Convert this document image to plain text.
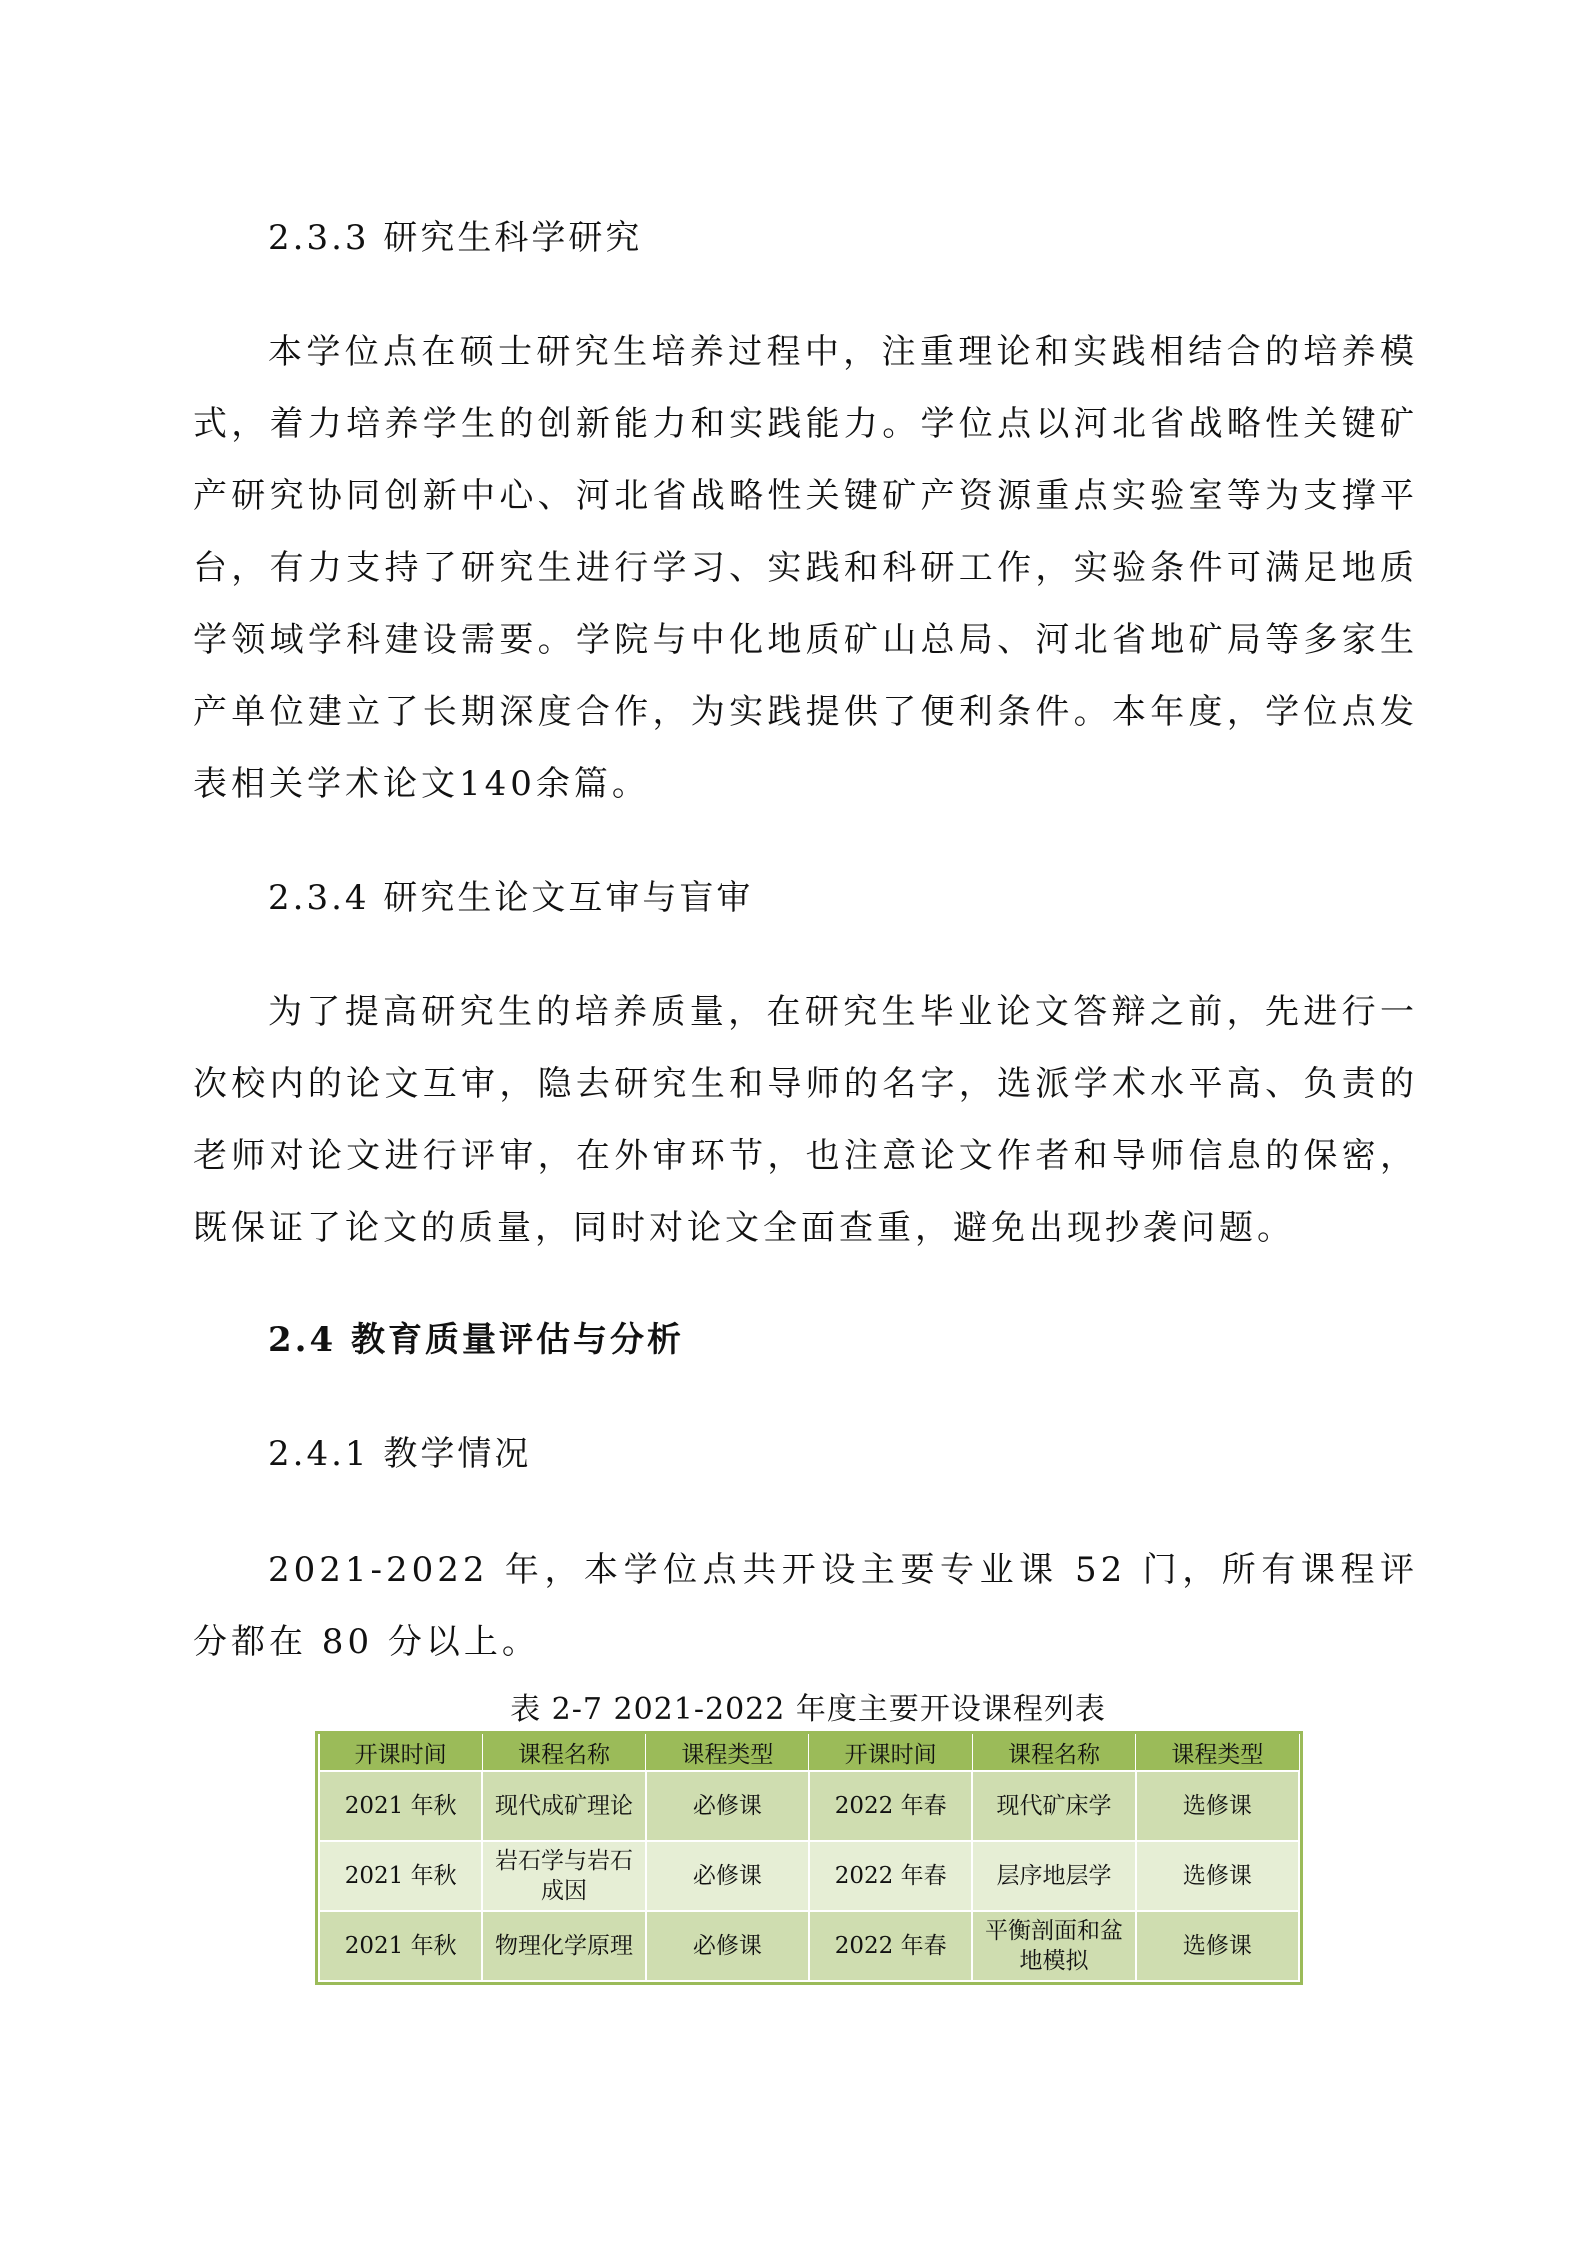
2.3.3 研究生科学研究

本学位点在硕士研究生培养过程中，注重理论和实践相结合的培养模式，着力培养学生的创新能力和实践能力。学位点以河北省战略性关键矿产研究协同创新中心、河北省战略性关键矿产资源重点实验室等为支撑平台，有力支持了研究生进行学习、实践和科研工作，实验条件可满足地质学领域学科建设需要。学院与中化地质矿山总局、河北省地矿局等多家生产单位建立了长期深度合作，为实践提供了便利条件。本年度，学位点发表相关学术论文140余篇。

2.3.4 研究生论文互审与盲审

为了提高研究生的培养质量，在研究生毕业论文答辩之前，先进行一次校内的论文互审，隐去研究生和导师的名字，选派学术水平高、负责的老师对论文进行评审，在外审环节，也注意论文作者和导师信息的保密，既保证了论文的质量，同时对论文全面查重，避免出现抄袭问题。

2.4 教育质量评估与分析
2.4.1 教学情况

2021-2022 年，本学位点共开设主要专业课 52 门，所有课程评分都在 80 分以上。

表 2-7 2021-2022 年度主要开设课程列表
开课时间	课程名称	课程类型	开课时间	课程名称	课程类型
2021 年秋	现代成矿理论	必修课	2022 年春	现代矿床学	选修课
2021 年秋	岩石学与岩石成因	必修课	2022 年春	层序地层学	选修课
2021 年秋	物理化学原理	必修课	2022 年春	平衡剖面和盆地模拟	选修课
